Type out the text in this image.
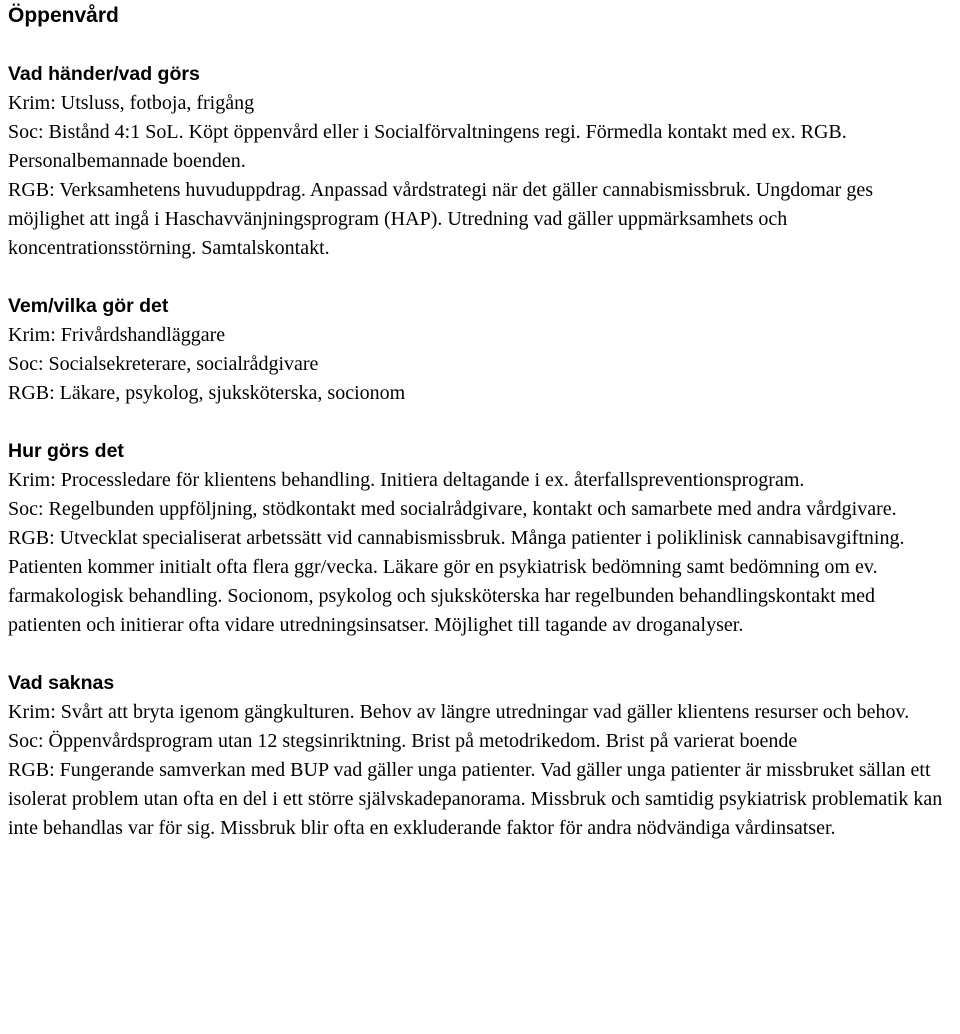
Öppenvård
Vad händer/vad görs

Krim: Utsluss, fotboja, frigång

Soc: Bistånd 4:1 SoL. Köpt öppenvård eller i Socialförvaltningens regi. Förmedla kontakt med ex. RGB. Personalbemannade boenden.

RGB: Verksamhetens huvuduppdrag. Anpassad vårdstrategi när det gäller cannabismissbruk. Ungdomar ges möjlighet att ingå i Haschavvänjningsprogram (HAP). Utredning vad gäller uppmärksamhets och koncentrationsstörning. Samtalskontakt.

Vem/vilka gör det

Krim: Frivårdshandläggare

Soc: Socialsekreterare, socialrådgivare

RGB: Läkare, psykolog, sjuksköterska, socionom

Hur görs det

Krim: Processledare för klientens behandling. Initiera deltagande i ex. återfallspreventionsprogram.

Soc: Regelbunden uppföljning, stödkontakt med socialrådgivare, kontakt och samarbete med andra vårdgivare.

RGB: Utvecklat specialiserat arbetssätt vid cannabismissbruk. Många patienter i poliklinisk cannabisavgiftning. Patienten kommer initialt ofta flera ggr/vecka. Läkare gör en psykiatrisk bedömning samt bedömning om ev. farmakologisk behandling. Socionom, psykolog och sjuksköterska har regelbunden behandlingskontakt med patienten och initierar ofta vidare utredningsinsatser. Möjlighet till tagande av droganalyser.

Vad saknas

Krim: Svårt att bryta igenom gängkulturen. Behov av längre utredningar vad gäller klientens resurser och behov.

Soc: Öppenvårdsprogram utan 12 stegsinriktning. Brist på metodrikedom. Brist på varierat boende

RGB: Fungerande samverkan med BUP vad gäller unga patienter. Vad gäller unga patienter är missbruket sällan ett isolerat problem utan ofta en del i ett större självskadepanorama. Missbruk och samtidig psykiatrisk problematik kan inte behandlas var för sig. Missbruk blir ofta en exkluderande faktor för andra nödvändiga vårdinsatser.
